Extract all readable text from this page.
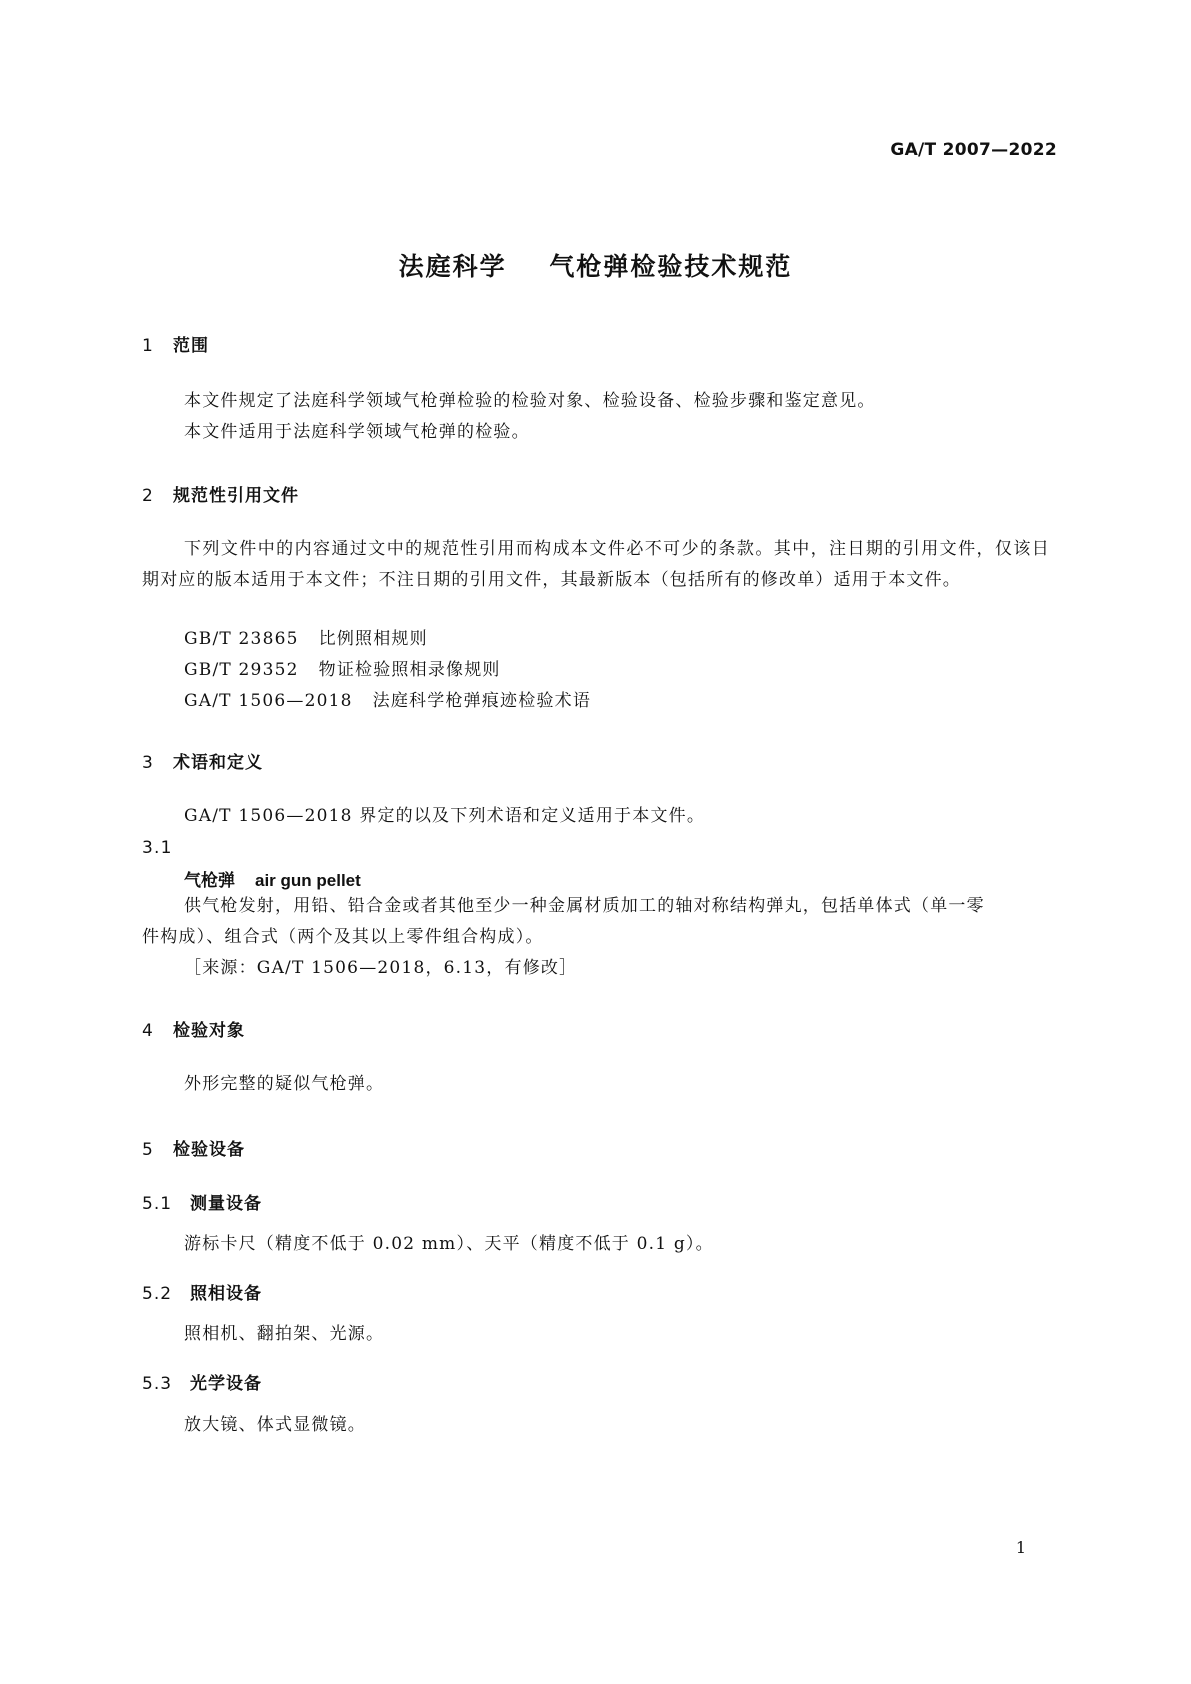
GA/T 2007—2022
法庭科学    气枪弹检验技术规范
1 范围
本文件规定了法庭科学领域气枪弹检验的检验对象、检验设备、检验步骤和鉴定意见。
本文件适用于法庭科学领域气枪弹的检验。
2 规范性引用文件
下列文件中的内容通过文中的规范性引用而构成本文件必不可少的条款。其中，注日期的引用文件，仅该日期对应的版本适用于本文件；不注日期的引用文件，其最新版本（包括所有的修改单）适用于本文件。
GB/T 23865 比例照相规则
GB/T 29352 物证检验照相录像规则
GA/T 1506—2018 法庭科学枪弹痕迹检验术语
3 术语和定义
GA/T 1506—2018 界定的以及下列术语和定义适用于本文件。
3.1
气枪弹 air gun pellet
供气枪发射，用铅、铅合金或者其他至少一种金属材质加工的轴对称结构弹丸，包括单体式（单一零
件构成）、组合式（两个及其以上零件组合构成）。
［来源：GA/T 1506—2018，6.13，有修改］
4 检验对象
外形完整的疑似气枪弹。
5 检验设备
5.1 测量设备
游标卡尺（精度不低于 0.02 mm）、天平（精度不低于 0.1 g）。
5.2 照相设备
照相机、翻拍架、光源。
5.3 光学设备
放大镜、体式显微镜。
1
